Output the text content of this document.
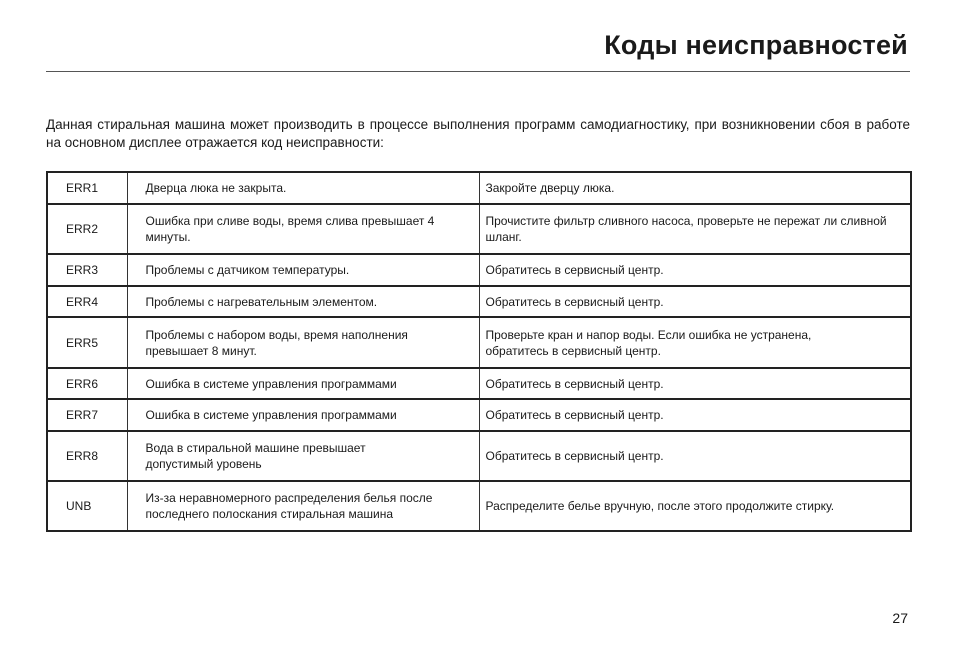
Коды неисправностей

Данная стиральная машина может производить в процессе выполнения программ самодиагностику, при возникновении сбоя в работе на основном дисплее отражается код неисправности:

ERR1	Дверца люка не закрыта.	Закройте дверцу люка.
ERR2	Ошибка при сливе воды, время слива превышает 4 минуты.	Прочистите фильтр сливного насоса, проверьте не пережат ли сливной шланг.
ERR3	Проблемы с датчиком температуры.	Обратитесь в сервисный центр.
ERR4	Проблемы с нагревательным элементом.	Обратитесь в сервисный центр.
ERR5	Проблемы с набором воды, время наполнения превышает 8 минут.	Проверьте кран и напор воды. Если ошибка не устранена, обратитесь в сервисный центр.

ERR6	Ошибка в системе управления программами	Обратитесь в сервисный центр.
ERR7	Ошибка в системе управления программами	Обратитесь в сервисный центр.
ERR8	Вода в стиральной машине превышает допустимый уровень	Обратитесь в сервисный центр.
UNB	Из-за неравномерного распределения белья после последнего полоскания стиральная машина	Распределите белье вручную, после этого продолжите стирку.
27
